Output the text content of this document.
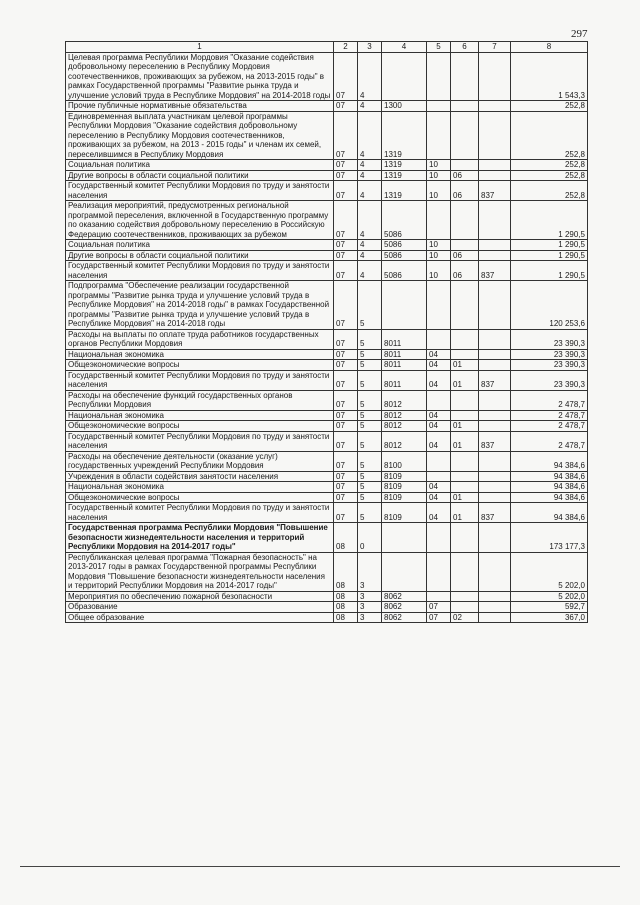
297
1	2	3	4	5	6	7	8
Целевая программа Республики Мордовия "Оказание содействия добровольному переселению в Республику Мордовия соотечественников, проживающих за рубежом, на 2013-2015 годы" в рамках Государственной программы "Развитие рынка труда и улучшение условий труда в Республике Мордовия" на 2014-2018 годы	07	4					1 543,3
Прочие публичные нормативные обязательства	07	4	1300				252,8
Единовременная выплата участникам целевой программы Республики Мордовия "Оказание содействия добровольному переселению в Республику Мордовия соотечественников, проживающих за рубежом, на 2013 - 2015 годы" и членам их семей, переселившимся в Республику Мордовия	07	4	1319				252,8
Социальная политика	07	4	1319	10			252,8
Другие вопросы в области социальной политики	07	4	1319	10	06		252,8
Государственный комитет Республики Мордовия по труду и занятости населения	07	4	1319	10	06	837	252,8
Реализация мероприятий, предусмотренных региональной программой переселения, включенной в Государственную программу по оказанию содействия добровольному переселению в Российскую Федерацию соотечественников, проживающих за рубежом	07	4	5086				1 290,5
Социальная политика	07	4	5086	10			1 290,5
Другие вопросы в области социальной политики	07	4	5086	10	06		1 290,5
Государственный комитет Республики Мордовия по труду и занятости населения	07	4	5086	10	06	837	1 290,5
Подпрограмма "Обеспечение реализации государственной программы "Развитие рынка труда и улучшение условий труда в Республике Мордовия" на 2014-2018 годы" в рамках Государственной программы "Развитие рынка труда и улучшение условий труда в Республике Мордовия" на 2014-2018 годы	07	5					120 253,6
Расходы на выплаты по оплате труда работников государственных органов Республики Мордовия	07	5	8011				23 390,3
Национальная экономика	07	5	8011	04			23 390,3
Общеэкономические вопросы	07	5	8011	04	01		23 390,3
Государственный комитет Республики Мордовия по труду и занятости населения	07	5	8011	04	01	837	23 390,3
Расходы на обеспечение функций государственных органов Республики Мордовия	07	5	8012				2 478,7
Национальная экономика	07	5	8012	04			2 478,7
Общеэкономические вопросы	07	5	8012	04	01		2 478,7
Государственный комитет Республики Мордовия по труду и занятости населения	07	5	8012	04	01	837	2 478,7
Расходы на обеспечение деятельности (оказание услуг) государственных учреждений Республики Мордовия	07	5	8100				94 384,6
Учреждения в области содействия занятости населения	07	5	8109				94 384,6
Национальная экономика	07	5	8109	04			94 384,6
Общеэкономические вопросы	07	5	8109	04	01		94 384,6
Государственный комитет Республики Мордовия по труду и занятости населения	07	5	8109	04	01	837	94 384,6
Государственная программа Республики Мордовия "Повышение безопасности жизнедеятельности населения и территорий Республики Мордовия на 2014-2017 годы"	08	0					173 177,3
Республиканская целевая программа "Пожарная безопасность" на 2013-2017 годы в рамках Государственной программы Республики Мордовия "Повышение безопасности жизнедеятельности населения и территорий Республики Мордовия на 2014-2017 годы"	08	3					5 202,0
Мероприятия по обеспечению пожарной безопасности	08	3	8062				5 202,0
Образование	08	3	8062	07			592,7
Общее образование	08	3	8062	07	02		367,0
